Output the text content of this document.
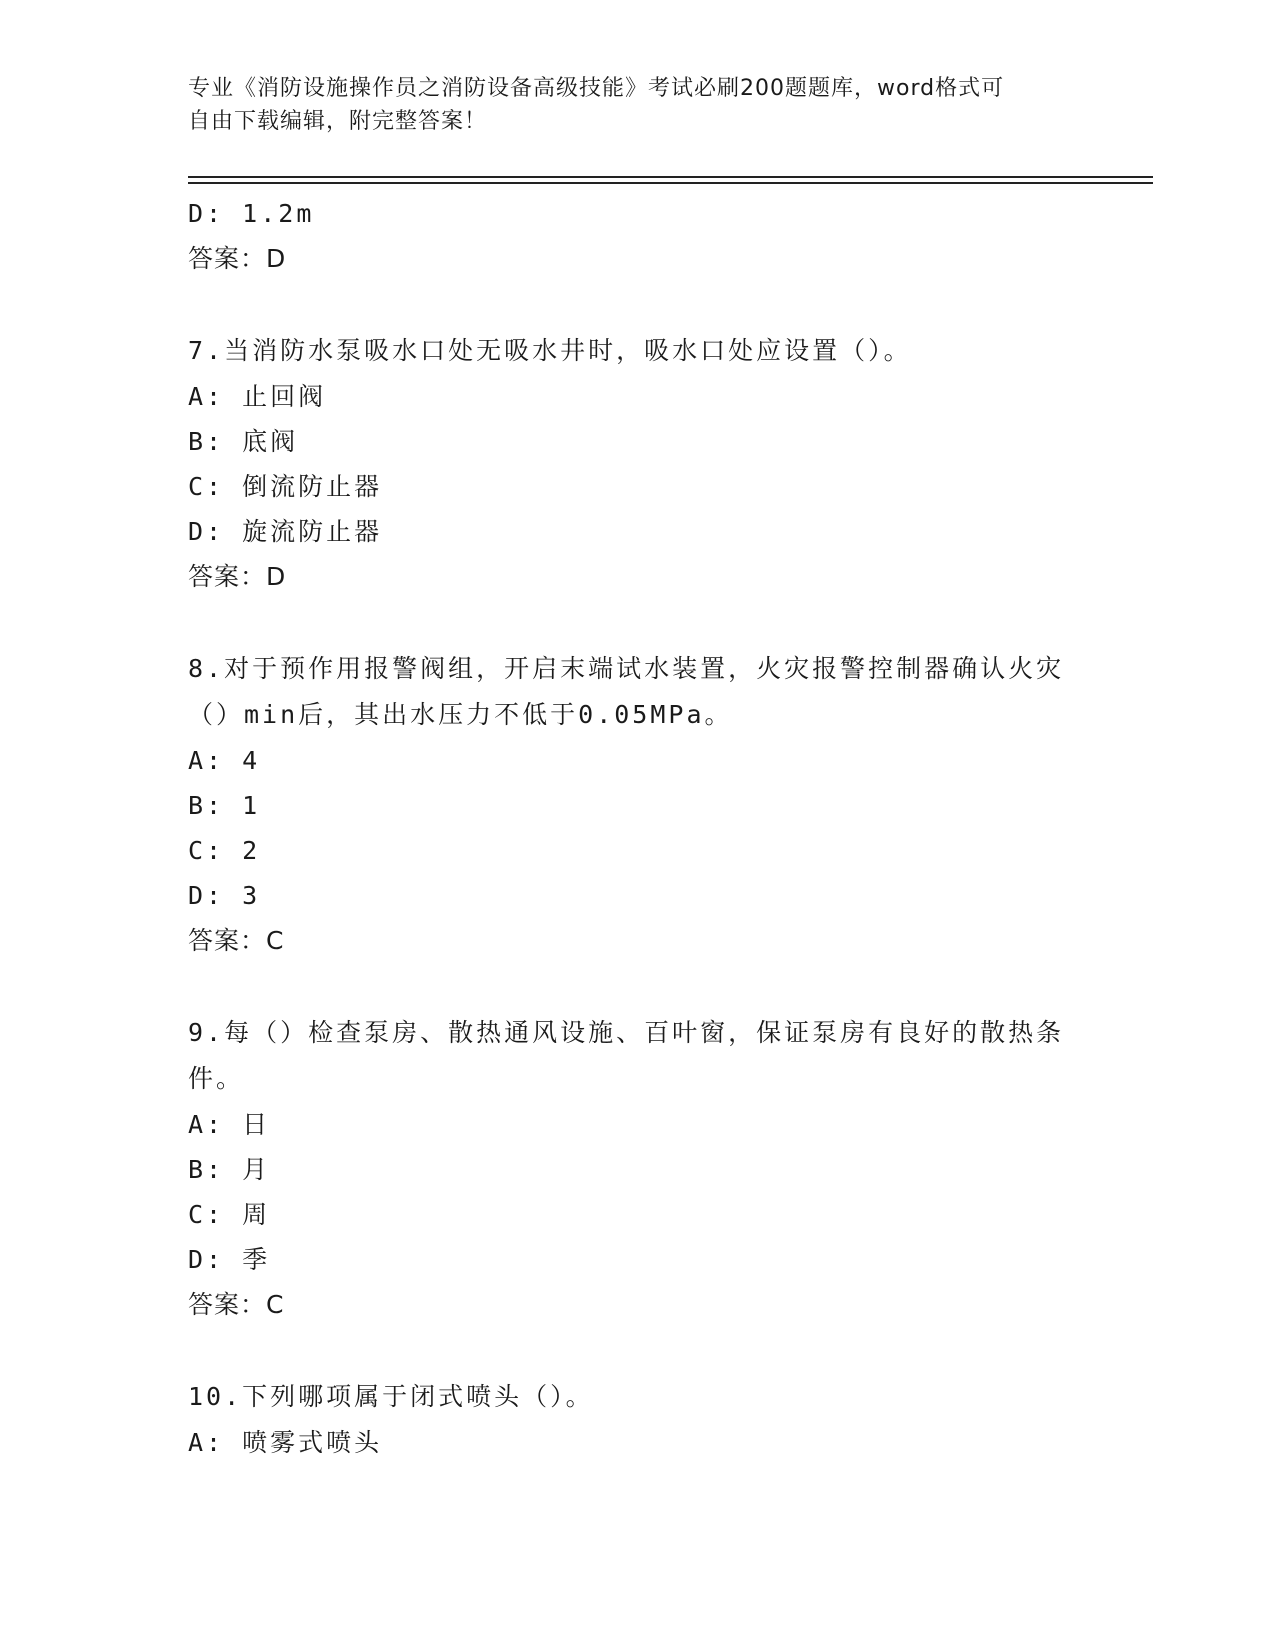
专业《消防设施操作员之消防设备高级技能》考试必刷200题题库，word格式可
自由下载编辑，附完整答案！
D: 1.2m
答案：D
7.当消防水泵吸水口处无吸水井时，吸水口处应设置（）。
A: 止回阀
B: 底阀
C: 倒流防止器
D: 旋流防止器
答案：D
8.对于预作用报警阀组，开启末端试水装置，火灾报警控制器确认火灾（）min后，其出水压力不低于0.05MPa。
A: 4
B: 1
C: 2
D: 3
答案：C
9.每（）检查泵房、散热通风设施、百叶窗，保证泵房有良好的散热条件。
A: 日
B: 月
C: 周
D: 季
答案：C
10.下列哪项属于闭式喷头（）。
A: 喷雾式喷头
